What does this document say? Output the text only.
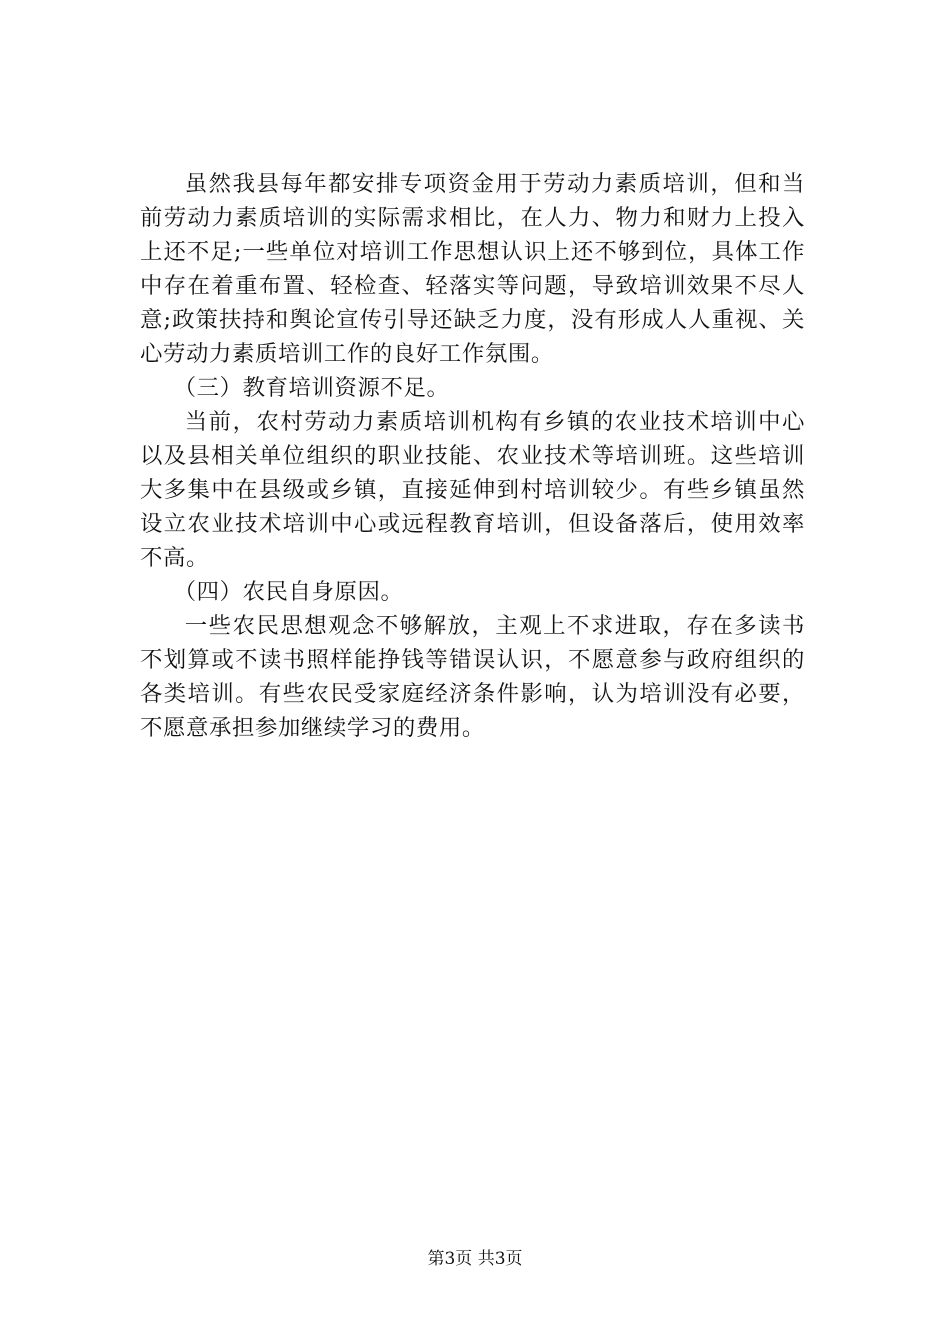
虽然我县每年都安排专项资金用于劳动力素质培训，但和当前劳动力素质培训的实际需求相比，在人力、物力和财力上投入上还不足;一些单位对培训工作思想认识上还不够到位，具体工作中存在着重布置、轻检查、轻落实等问题，导致培训效果不尽人意;政策扶持和舆论宣传引导还缺乏力度，没有形成人人重视、关心劳动力素质培训工作的良好工作氛围。

（三）教育培训资源不足。

当前，农村劳动力素质培训机构有乡镇的农业技术培训中心以及县相关单位组织的职业技能、农业技术等培训班。这些培训大多集中在县级或乡镇，直接延伸到村培训较少。有些乡镇虽然设立农业技术培训中心或远程教育培训，但设备落后，使用效率不高。

（四）农民自身原因。

一些农民思想观念不够解放，主观上不求进取，存在多读书不划算或不读书照样能挣钱等错误认识，不愿意参与政府组织的各类培训。有些农民受家庭经济条件影响，认为培训没有必要，不愿意承担参加继续学习的费用。

第3页 共3页
